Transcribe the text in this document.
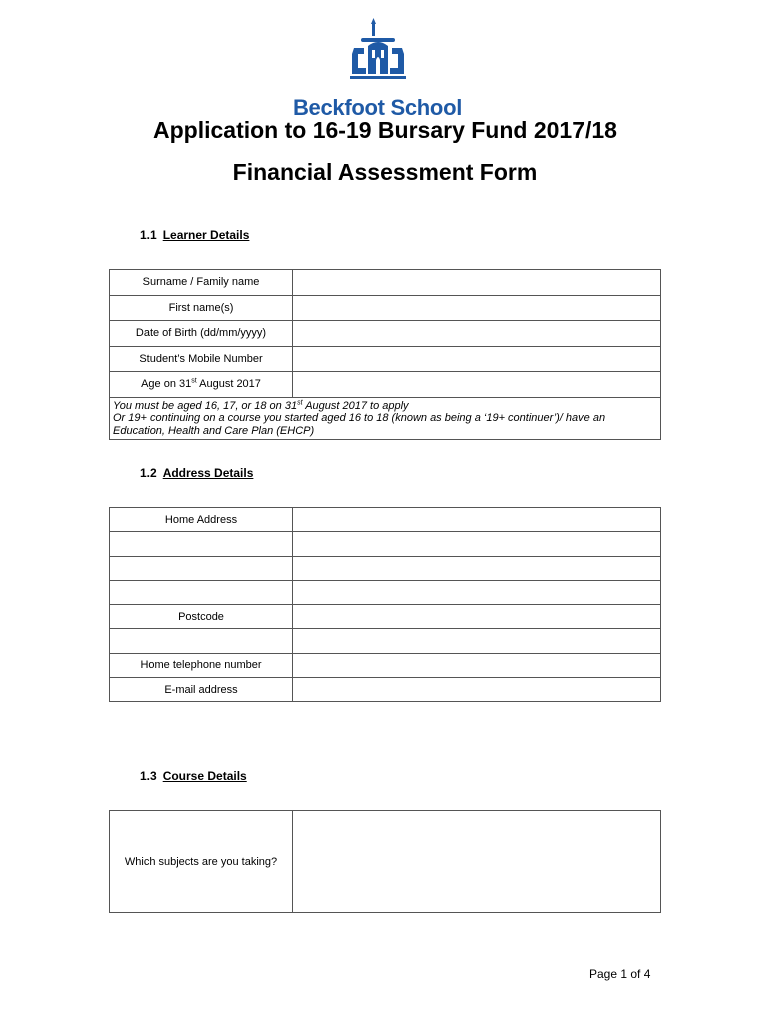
Beckfoot School
Application to 16-19 Bursary Fund 2017/18
Financial Assessment Form
1.1 Learner Details
Surname / Family name	
First name(s)	
Date of Birth (dd/mm/yyyy)	
Student’s Mobile Number	
Age on 31st August 2017	
You must be aged 16, 17, or 18 on 31st August 2017 to apply
Or 19+ continuing on a course you started aged 16 to 18 (known as being a ‘19+ continuer’)/ have an
Education, Health and Care Plan (EHCP)	
1.2 Address Details
Home Address	

Postcode	

Home telephone number	
E-mail address	
1.3 Course Details
Which subjects are you taking?	
Page 1 of 4
